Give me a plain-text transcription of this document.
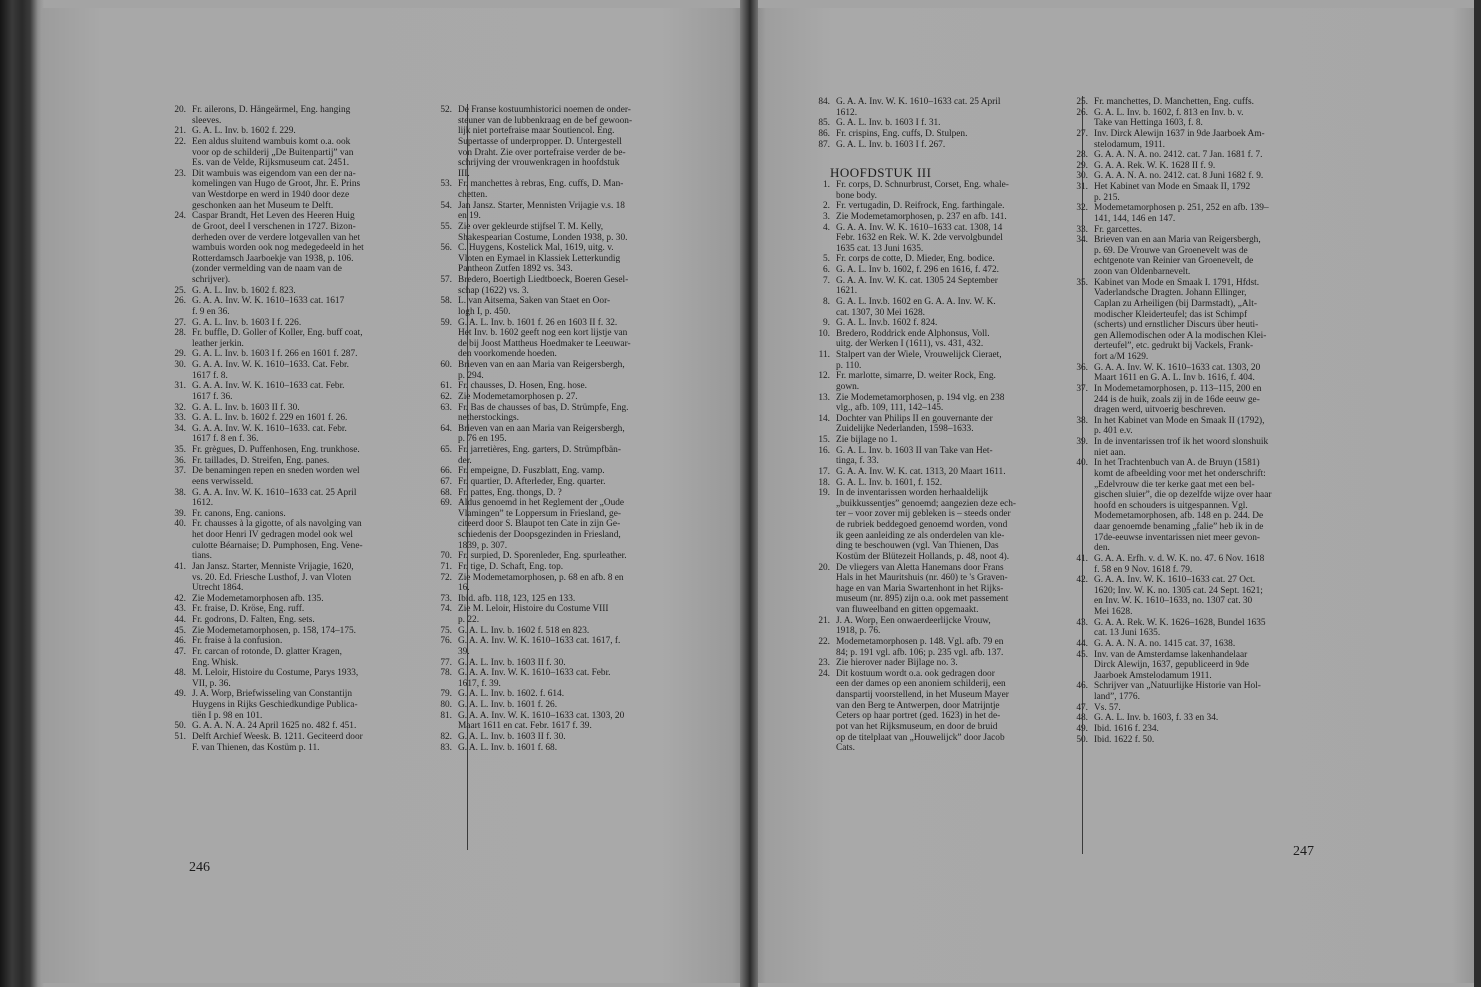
20. Fr. ailerons, D. Hängeärmel, Eng. hanging
sleeves.
21. G. A. L. Inv. b. 1602 f. 229.
22. Een aldus sluitend wambuis komt o.a. ook
voor op de schilderij „De Buitenpartij” van
Es. van de Velde, Rijksmuseum cat. 2451.
23. Dit wambuis was eigendom van een der na-
komelingen van Hugo de Groot, Jhr. E. Prins
van Westdorpe en werd in 1940 door deze
geschonken aan het Museum te Delft.
24. Caspar Brandt, Het Leven des Heeren Huig
de Groot, deel I verschenen in 1727. Bizon-
derheden over de verdere lotgevallen van het
wambuis worden ook nog medegedeeld in het
Rotterdamsch Jaarboekje van 1938, p. 106.
(zonder vermelding van de naam van de
schrijver).
25. G. A. L. Inv. b. 1602 f. 823.
26. G. A. A. Inv. W. K. 1610–1633 cat. 1617
f. 9 en 36.
27. G. A. L. Inv. b. 1603 I f. 226.
28. Fr. buffle, D. Goller of Koller, Eng. buff coat,
leather jerkin.
29. G. A. L. Inv. b. 1603 I f. 266 en 1601 f. 287.
30. G. A. A. Inv. W. K. 1610–1633. Cat. Febr.
1617 f. 8.
31. G. A. A. Inv. W. K. 1610–1633 cat. Febr.
1617 f. 36.
32. G. A. L. Inv. b. 1603 II f. 30.
33. G. A. L. Inv. b. 1602 f. 229 en 1601 f. 26.
34. G. A. A. Inv. W. K. 1610–1633. cat. Febr.
1617 f. 8 en f. 36.
35. Fr. grègues, D. Puffenhosen, Eng. trunkhose.
36. Fr. taillades, D. Streifen, Eng. panes.
37. De benamingen repen en sneden worden wel
eens verwisseld.
38. G. A. A. Inv. W. K. 1610–1633 cat. 25 April
1612.
39. Fr. canons, Eng. canions.
40. Fr. chausses à la gigotte, of als navolging van
het door Henri IV gedragen model ook wel
culotte Béarnaise; D. Pumphosen, Eng. Vene-
tians.
41. Jan Jansz. Starter, Menniste Vrijagie, 1620,
vs. 20. Ed. Friesche Lusthof, J. van Vloten
Utrecht 1864.
42. Zie Modemetamorphosen afb. 135.
43. Fr. fraise, D. Kröse, Eng. ruff.
44. Fr. godrons, D. Falten, Eng. sets.
45. Zie Modemetamorphosen, p. 158, 174–175.
46. Fr. fraise à la confusion.
47. Fr. carcan of rotonde, D. glatter Kragen,
Eng. Whisk.
48. M. Leloir, Histoire du Costume, Parys 1933,
VII, p. 36.
49. J. A. Worp, Briefwisseling van Constantijn
Huygens in Rijks Geschiedkundige Publica-
tiën I p. 98 en 101.
50. G. A. A. N. A. 24 April 1625 no. 482 f. 451.
51. Delft Archief Weesk. B. 1211. Geciteerd door
F. van Thienen, das Kostüm p. 11.
52. De Franse kostuumhistorici noemen de onder-
steuner van de lubbenkraag en de bef gewoon-
lijk niet portefraise maar Soutiencol. Eng.
Supertasse of underpropper. D. Untergestell
von Draht. Zie over portefraise verder de be-
schrijving der vrouwenkragen in hoofdstuk
III.
53. Fr. manchettes à rebras, Eng. cuffs, D. Man-
chetten.
54. Jan Jansz. Starter, Mennisten Vrijagie v.s. 18
en 19.
55. Zie over gekleurde stijfsel T. M. Kelly,
Shakespearian Costume, Londen 1938, p. 30.
56. C. Huygens, Kostelick Mal, 1619, uitg. v.
Vloten en Eymael in Klassiek Letterkundig
Pantheon Zutfen 1892 vs. 343.
57. Bredero, Boertigh Liedtboeck, Boeren Gesel-
schap (1622) vs. 3.
58. L. van Aitsema, Saken van Staet en Oor-
logh I, p. 450.
59. G. A. L. Inv. b. 1601 f. 26 en 1603 II f. 32.
Het Inv. b. 1602 geeft nog een kort lijstje van
de bij Joost Mattheus Hoedmaker te Leeuwar-
den voorkomende hoeden.
60. Brieven van en aan Maria van Reigersbergh,
p. 294.
61. Fr. chausses, D. Hosen, Eng. hose.
62. Zie Modemetamorphosen p. 27.
63. Fr. Bas de chausses of bas, D. Strümpfe, Eng.
netherstockings.
64. Brieven van en aan Maria van Reigersbergh,
p. 76 en 195.
65. Fr. jarretières, Eng. garters, D. Strümpfbän-
der.
66. Fr. empeigne, D. Fuszblatt, Eng. vamp.
67. Fr. quartier, D. Afterleder, Eng. quarter.
68. Fr. pattes, Eng. thongs, D. ?
69. Aldus genoemd in het Reglement der „Oude
Vlamingen” te Loppersum in Friesland, ge-
citeerd door S. Blaupot ten Cate in zijn Ge-
schiedenis der Doopsgezinden in Friesland,
1839, p. 307.
70. Fr. surpied, D. Sporenleder, Eng. spurleather.
71. Fr. tige, D. Schaft, Eng. top.
72. Zie Modemetamorphosen, p. 68 en afb. 8 en
16.
73. Ibid. afb. 118, 123, 125 en 133.
74. Zie M. Leloir, Histoire du Costume VIII
p. 22.
75. G. A. L. Inv. b. 1602 f. 518 en 823.
76. G. A. A. Inv. W. K. 1610–1633 cat. 1617, f.
39.
77. G. A. L. Inv. b. 1603 II f. 30.
78. G. A. A. Inv. W. K. 1610–1633 cat. Febr.
1617, f. 39.
79. G. A. L. Inv. b. 1602. f. 614.
80. G. A. L. Inv. b. 1601 f. 26.
81. G. A. A. Inv. W. K. 1610–1633 cat. 1303, 20
Maart 1611 en cat. Febr. 1617 f. 39.
82. G. A. L. Inv. b. 1603 II f. 30.
83. G. A. L. Inv. b. 1601 f. 68.
246
84. G. A. A. Inv. W. K. 1610–1633 cat. 25 April
1612.
85. G. A. L. Inv. b. 1603 I f. 31.
86. Fr. crispins, Eng. cuffs, D. Stulpen.
87. G. A. L. Inv. b. 1603 I f. 267.
HOOFDSTUK III
1. Fr. corps, D. Schnurbrust, Corset, Eng. whale-
bone body.
2. Fr. vertugadin, D. Reifrock, Eng. farthingale.
3. Zie Modemetamorphosen, p. 237 en afb. 141.
4. G. A. A. Inv. W. K. 1610–1633 cat. 1308, 14
Febr. 1632 en Rek. W. K. 2de vervolgbundel
1635 cat. 13 Juni 1635.
5. Fr. corps de cotte, D. Mieder, Eng. bodice.
6. G. A. L. Inv b. 1602, f. 296 en 1616, f. 472.
7. G. A. A. Inv. W. K. cat. 1305 24 September
1621.
8. G. A. L. Inv.b. 1602 en G. A. A. Inv. W. K.
cat. 1307, 30 Mei 1628.
9. G. A. L. Inv.b. 1602 f. 824.
10. Bredero, Roddrick ende Alphonsus, Voll.
uitg. der Werken I (1611), vs. 431, 432.
11. Stalpert van der Wiele, Vrouwelijck Cieraet,
p. 110.
12. Fr. marlotte, simarre, D. weiter Rock, Eng.
gown.
13. Zie Modemetamorphosen, p. 194 vlg. en 238
vlg., afb. 109, 111, 142–145.
14. Dochter van Philips II en gouvernante der
Zuidelijke Nederlanden, 1598–1633.
15. Zie bijlage no 1.
16. G. A. L. Inv. b. 1603 II van Take van Het-
tinga, f. 33.
17. G. A. A. Inv. W. K. cat. 1313, 20 Maart 1611.
18. G. A. L. Inv. b. 1601, f. 152.
19. In de inventarissen worden herhaaldelijk
„buikkussentjes” genoemd; aangezien deze ech-
ter – voor zover mij gebleken is – steeds onder
de rubriek beddegoed genoemd worden, vond
ik geen aanleiding ze als onderdelen van kle-
ding te beschouwen (vgl. Van Thienen, Das
Kostüm der Blütezeit Hollands, p. 48, noot 4).
20. De vliegers van Aletta Hanemans door Frans
Hals in het Mauritshuis (nr. 460) te 's Graven-
hage en van Maria Swartenhont in het Rijks-
museum (nr. 895) zijn o.a. ook met passement
van fluweelband en gitten opgemaakt.
21. J. A. Worp, Een onwaerdeerlijcke Vrouw,
1918, p. 76.
22. Modemetamorphosen p. 148. Vgl. afb. 79 en
84; p. 191 vgl. afb. 106; p. 235 vgl. afb. 137.
23. Zie hierover nader Bijlage no. 3.
24. Dit kostuum wordt o.a. ook gedragen door
een der dames op een anoniem schilderij, een
danspartij voorstellend, in het Museum Mayer
van den Berg te Antwerpen, door Matrijntje
Ceters op haar portret (ged. 1623) in het de-
pot van het Rijksmuseum, en door de bruid
op de titelplaat van „Houwelijck” door Jacob
Cats.
25. Fr. manchettes, D. Manchetten, Eng. cuffs.
26. G. A. L. Inv. b. 1602, f. 813 en Inv. b. v.
Take van Hettinga 1603, f. 8.
27. Inv. Dirck Alewijn 1637 in 9de Jaarboek Am-
stelodamum, 1911.
28. G. A. A. N. A. no. 2412. cat. 7 Jan. 1681 f. 7.
29. G. A. A. Rek. W. K. 1628 II f. 9.
30. G. A. A. N. A. no. 2412. cat. 8 Juni 1682 f. 9.
31. Het Kabinet van Mode en Smaak II, 1792
p. 215.
32. Modemetamorphosen p. 251, 252 en afb. 139–
141, 144, 146 en 147.
33. Fr. garcettes.
34. Brieven van en aan Maria van Reigersbergh,
p. 69. De Vrouwe van Groenevelt was de
echtgenote van Reinier van Groenevelt, de
zoon van Oldenbarnevelt.
35. Kabinet van Mode en Smaak I. 1791, Hfdst.
Vaderlandsche Dragten. Johann Ellinger,
Caplan zu Arheiligen (bij Darmstadt), „Alt-
modischer Kleiderteufel; das ist Schimpf
(scherts) und ernstlicher Discurs über heuti-
gen Allemodischen oder A la modischen Klei-
derteufel”, etc. gedrukt bij Vackels, Frank-
fort a/M 1629.
36. G. A. A. Inv. W. K. 1610–1633 cat. 1303, 20
Maart 1611 en G. A. L. Inv b. 1616, f. 404.
37. In Modemetamorphosen, p. 113–115, 200 en
244 is de huik, zoals zij in de 16de eeuw ge-
dragen werd, uitvoerig beschreven.
38. In het Kabinet van Mode en Smaak II (1792),
p. 401 e.v.
39. In de inventarissen trof ik het woord slonshuik
niet aan.
40. In het Trachtenbuch van A. de Bruyn (1581)
komt de afbeelding voor met het onderschrift:
„Edelvrouw die ter kerke gaat met een bel-
gischen sluier”, die op dezelfde wijze over haar
hoofd en schouders is uitgespannen. Vgl.
Modemetamorphosen, afb. 148 en p. 244. De
daar genoemde benaming „falie” heb ik in de
17de-eeuwse inventarissen niet meer gevon-
den.
41. G. A. A. Erfh. v. d. W. K. no. 47. 6 Nov. 1618
f. 58 en 9 Nov. 1618 f. 79.
42. G. A. A. Inv. W. K. 1610–1633 cat. 27 Oct.
1620; Inv. W. K. no. 1305 cat. 24 Sept. 1621;
en Inv. W. K. 1610–1633, no. 1307 cat. 30
Mei 1628.
43. G. A. A. Rek. W. K. 1626–1628, Bundel 1635
cat. 13 Juni 1635.
44. G. A. A. N. A. no. 1415 cat. 37, 1638.
45. Inv. van de Amsterdamse lakenhandelaar
Dirck Alewijn, 1637, gepubliceerd in 9de
Jaarboek Amstelodamum 1911.
46. Schrijver van „Natuurlijke Historie van Hol-
land”, 1776.
47. Vs. 57.
48. G. A. L. Inv. b. 1603, f. 33 en 34.
49. Ibid. 1616 f. 234.
50. Ibid. 1622 f. 50.
247
